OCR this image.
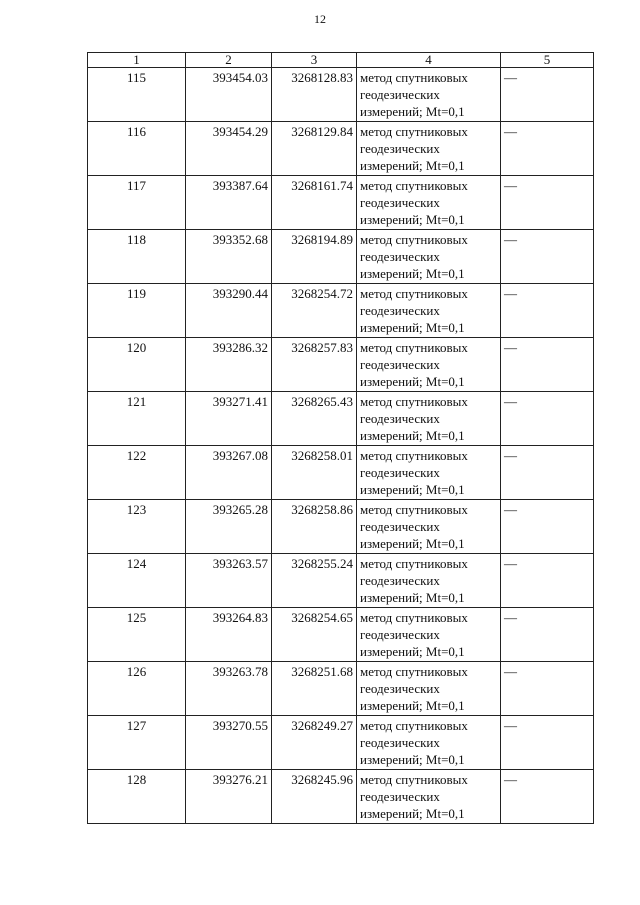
12
1	2	3	4	5
115	393454.03	3268128.83	метод спутниковых
геодезических
измерений; Mt=0,1	—
116	393454.29	3268129.84	метод спутниковых
геодезических
измерений; Mt=0,1	—
117	393387.64	3268161.74	метод спутниковых
геодезических
измерений; Mt=0,1	—
118	393352.68	3268194.89	метод спутниковых
геодезических
измерений; Mt=0,1	—
119	393290.44	3268254.72	метод спутниковых
геодезических
измерений; Mt=0,1	—
120	393286.32	3268257.83	метод спутниковых
геодезических
измерений; Mt=0,1	—
121	393271.41	3268265.43	метод спутниковых
геодезических
измерений; Mt=0,1	—
122	393267.08	3268258.01	метод спутниковых
геодезических
измерений; Mt=0,1	—
123	393265.28	3268258.86	метод спутниковых
геодезических
измерений; Mt=0,1	—
124	393263.57	3268255.24	метод спутниковых
геодезических
измерений; Mt=0,1	—
125	393264.83	3268254.65	метод спутниковых
геодезических
измерений; Mt=0,1	—
126	393263.78	3268251.68	метод спутниковых
геодезических
измерений; Mt=0,1	—
127	393270.55	3268249.27	метод спутниковых
геодезических
измерений; Mt=0,1	—
128	393276.21	3268245.96	метод спутниковых
геодезических
измерений; Mt=0,1	—
